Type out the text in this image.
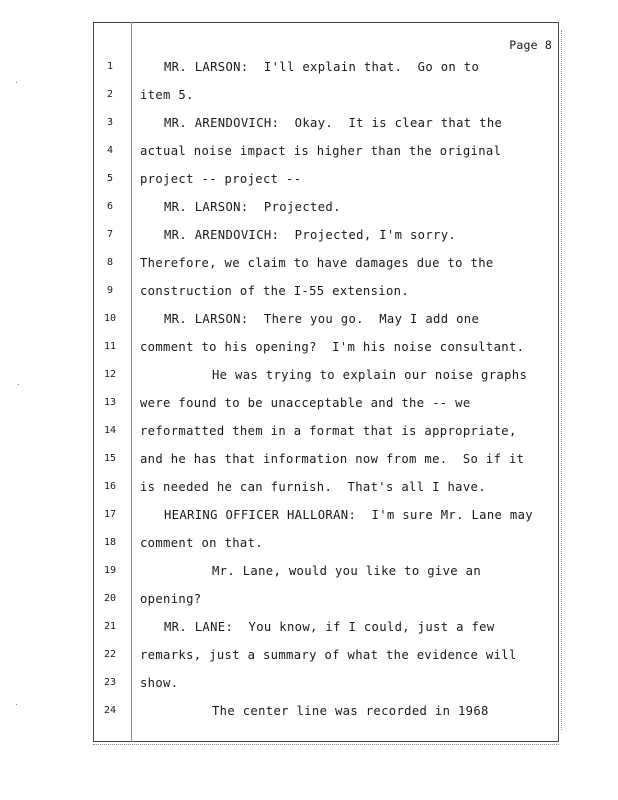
·
·
·
Page 8
1	MR. LARSON:  I'll explain that.  Go on to
2 item 5.
3	MR. ARENDOVICH:  Okay.  It is clear that the
4 actual noise impact is higher than the original
5 project -- project --
6	MR. LARSON:  Projected.
7	MR. ARENDOVICH:  Projected, I'm sorry.
8 Therefore, we claim to have damages due to the
9 construction of the I-55 extension.
10	MR. LARSON:  There you go.  May I add one
11 comment to his opening?  I'm his noise consultant.
12	He was trying to explain our noise graphs
13 were found to be unacceptable and the -- we
14 reformatted them in a format that is appropriate,
15 and he has that information now from me.  So if it
16 is needed he can furnish.  That's all I have.
17	HEARING OFFICER HALLORAN:  I'm sure Mr. Lane may
18 comment on that.
19	Mr. Lane, would you like to give an
20 opening?
21	MR. LANE:  You know, if I could, just a few
22 remarks, just a summary of what the evidence will
23 show.
24	The center line was recorded in 1968
